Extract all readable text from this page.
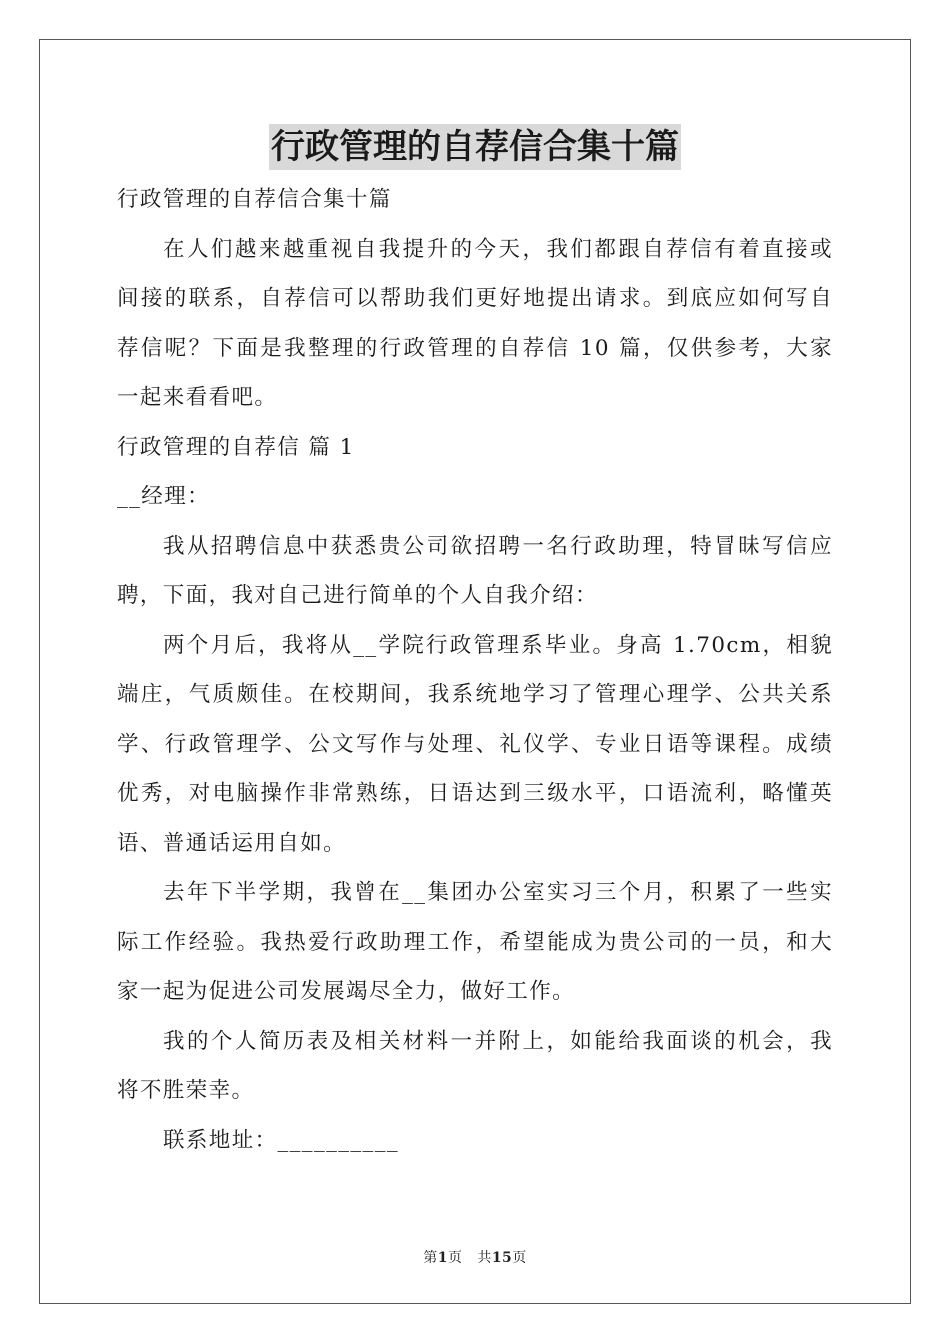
行政管理的自荐信合集十篇

行政管理的自荐信合集十篇

在人们越来越重视自我提升的今天，我们都跟自荐信有着直接或

间接的联系，自荐信可以帮助我们更好地提出请求。到底应如何写自

荐信呢？下面是我整理的行政管理的自荐信 10 篇，仅供参考，大家

一起来看看吧。

行政管理的自荐信 篇 1

__经理：

我从招聘信息中获悉贵公司欲招聘一名行政助理，特冒昧写信应

聘，下面，我对自己进行简单的个人自我介绍：

两个月后，我将从__学院行政管理系毕业。身高 1.70cm，相貌

端庄，气质颇佳。在校期间，我系统地学习了管理心理学、公共关系

学、行政管理学、公文写作与处理、礼仪学、专业日语等课程。成绩

优秀，对电脑操作非常熟练，日语达到三级水平，口语流利，略懂英

语、普通话运用自如。

去年下半学期，我曾在__集团办公室实习三个月，积累了一些实

际工作经验。我热爱行政助理工作，希望能成为贵公司的一员，和大

家一起为促进公司发展竭尽全力，做好工作。

我的个人简历表及相关材料一并附上，如能给我面谈的机会，我

将不胜荣幸。

联系地址：__________

第1页 共15页
